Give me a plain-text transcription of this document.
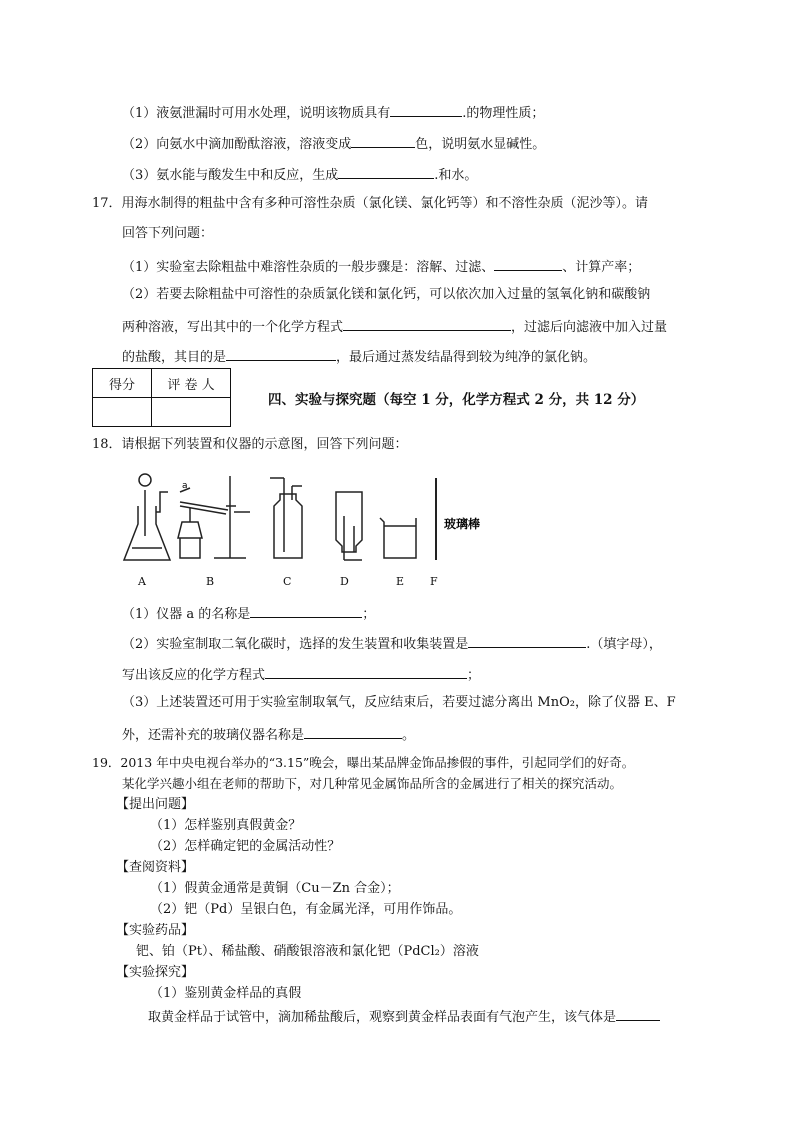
（1）液氨泄漏时可用水处理，说明该物质具有	.的物理性质；
（2）向氨水中滴加酚酞溶液，溶液变成	色，说明氨水显碱性。
（3）氨水能与酸发生中和反应，生成	.和水。
17．用海水制得的粗盐中含有多种可溶性杂质（氯化镁、氯化钙等）和不溶性杂质（泥沙等）。请
回答下列问题：
（1）实验室去除粗盐中难溶性杂质的一般步骤是：溶解、过滤、	、计算产率；
（2）若要去除粗盐中可溶性的杂质氯化镁和氯化钙，可以依次加入过量的氢氧化钠和碳酸钠
两种溶液，写出其中的一个化学方程式	，过滤后向滤液中加入过量
的盐酸，其目的是	，最后通过蒸发结晶得到较为纯净的氯化钠。
得分	评 卷 人

四、实验与探究题（每空 1 分，化学方程式 2 分，共 12 分）
18．请根据下列装置和仪器的示意图，回答下列问题：
a
玻璃棒
A	B	C	D	E F
（1）仪器 a 的名称是	；
（2）实验室制取二氧化碳时，选择的发生装置和收集装置是	.（填字母），
写出该反应的化学方程式	；
（3）上述装置还可用于实验室制取氧气，反应结束后，若要过滤分离出 MnO₂，除了仪器 E、F
外，还需补充的玻璃仪器名称是	。
19．2013 年中央电视台举办的“3.15”晚会，曝出某品牌金饰品掺假的事件，引起同学们的好奇。
某化学兴趣小组在老师的帮助下，对几种常见金属饰品所含的金属进行了相关的探究活动。
【提出问题】
（1）怎样鉴别真假黄金？
（2）怎样确定钯的金属活动性？
【查阅资料】
（1）假黄金通常是黄铜（Cu－Zn 合金）；
（2）钯（Pd）呈银白色，有金属光泽，可用作饰品。
【实验药品】
钯、铂（Pt）、稀盐酸、硝酸银溶液和氯化钯（PdCl₂）溶液
【实验探究】
（1）鉴别黄金样品的真假
取黄金样品于试管中，滴加稀盐酸后，观察到黄金样品表面有气泡产生，该气体是
